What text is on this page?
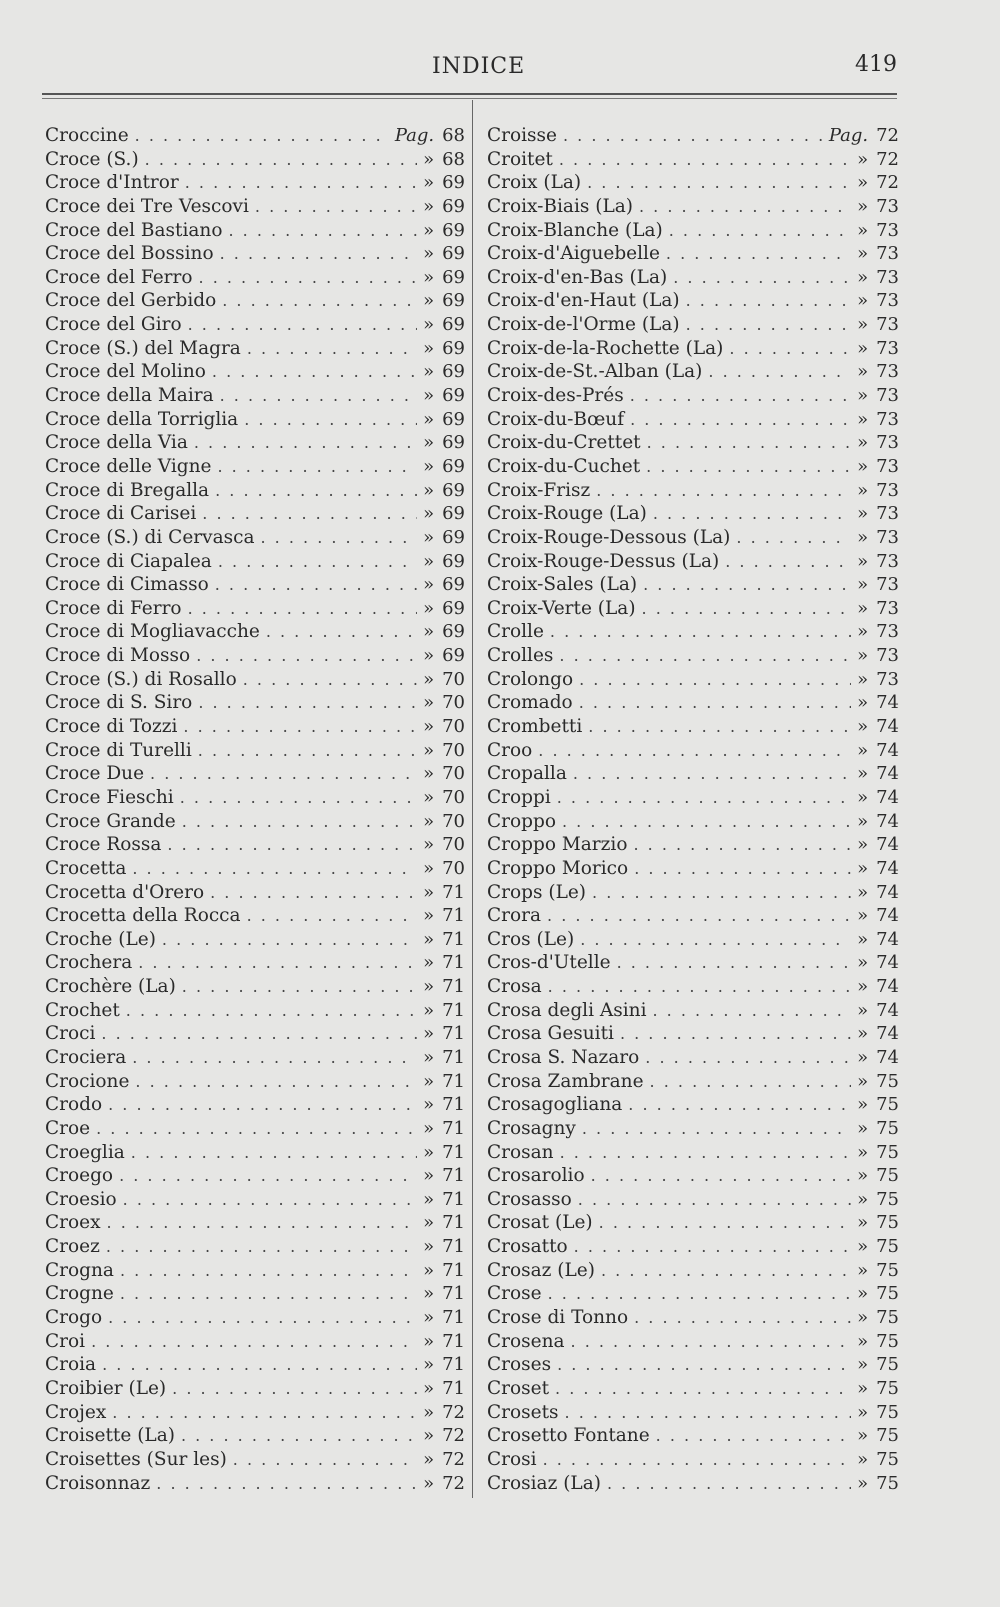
INDICE	419
Croccine . . .	Pag. 68
Croce (S.) . . .	» 68
Croce d'Intror . . .	» 69
Croce dei Tre Vescovi . . .	» 69
Croce del Bastiano . . .	» 69
Croce del Bossino . . .	» 69
Croce del Ferro . . .	» 69
Croce del Gerbido . . .	» 69
Croce del Giro . . .	» 69
Croce (S.) del Magra . . .	» 69
Croce del Molino . . .	» 69
Croce della Maira . . .	» 69
Croce della Torriglia . . .	» 69
Croce della Via . . .	» 69
Croce delle Vigne . . .	» 69
Croce di Bregalla . . .	» 69
Croce di Carisei . . .	» 69
Croce (S.) di Cervasca . . .	» 69
Croce di Ciapalea . . .	» 69
Croce di Cimasso . . .	» 69
Croce di Ferro . . .	» 69
Croce di Mogliavacche . . .	» 69
Croce di Mosso . . .	» 69
Croce (S.) di Rosallo . . .	» 70
Croce di S. Siro . . .	» 70
Croce di Tozzi . . .	» 70
Croce di Turelli . . .	» 70
Croce Due . . .	» 70
Croce Fieschi . . .	» 70
Croce Grande . . .	» 70
Croce Rossa . . .	» 70
Crocetta . . .	» 70
Crocetta d'Orero . . .	» 71
Crocetta della Rocca . . .	» 71
Croche (Le) . . .	» 71
Crochera . . .	» 71
Crochère (La) . . .	» 71
Crochet . . .	» 71
Croci . . .	» 71
Crociera . . .	» 71
Crocione . . .	» 71
Crodo . . .	» 71
Croe . . .	» 71
Croeglia . . .	» 71
Croego . . .	» 71
Croesio . . .	» 71
Croex . . .	» 71
Croez . . .	» 71
Crogna . . .	» 71
Crogne . . .	» 71
Crogo . . .	» 71
Croi . . .	» 71
Croia . . .	» 71
Croibier (Le) . . .	» 71
Crojex . . .	» 72
Croisette (La) . . .	» 72
Croisettes (Sur les) . . .	» 72
Croisonnaz . . .	» 72
Croisse . . .	Pag. 72
Croitet . . .	» 72
Croix (La) . . .	» 72
Croix-Biais (La) . . .	» 73
Croix-Blanche (La) . . .	» 73
Croix-d'Aiguebelle . . .	» 73
Croix-d'en-Bas (La) . . .	» 73
Croix-d'en-Haut (La) . . .	» 73
Croix-de-l'Orme (La) . . .	» 73
Croix-de-la-Rochette (La) . . .	» 73
Croix-de-St.-Alban (La) . . .	» 73
Croix-des-Prés . . .	» 73
Croix-du-Bœuf . . .	» 73
Croix-du-Crettet . . .	» 73
Croix-du-Cuchet . . .	» 73
Croix-Frisz . . .	» 73
Croix-Rouge (La) . . .	» 73
Croix-Rouge-Dessous (La) . . .	» 73
Croix-Rouge-Dessus (La) . . .	» 73
Croix-Sales (La) . . .	» 73
Croix-Verte (La) . . .	» 73
Crolle . . .	» 73
Crolles . . .	» 73
Crolongo . . .	» 73
Cromado . . .	» 74
Crombetti . . .	» 74
Croo . . .	» 74
Cropalla . . .	» 74
Croppi . . .	» 74
Croppo . . .	» 74
Croppo Marzio . . .	» 74
Croppo Morico . . .	» 74
Crops (Le) . . .	» 74
Crora . . .	» 74
Cros (Le) . . .	» 74
Cros-d'Utelle . . .	» 74
Crosa . . .	» 74
Crosa degli Asini . . .	» 74
Crosa Gesuiti . . .	» 74
Crosa S. Nazaro . . .	» 74
Crosa Zambrane . . .	» 75
Crosagogliana . . .	» 75
Crosagny . . .	» 75
Crosan . . .	» 75
Crosarolio . . .	» 75
Crosasso . . .	» 75
Crosat (Le) . . .	» 75
Crosatto . . .	» 75
Crosaz (Le) . . .	» 75
Crose . . .	» 75
Crose di Tonno . . .	» 75
Crosena . . .	» 75
Croses . . .	» 75
Croset . . .	» 75
Crosets . . .	» 75
Crosetto Fontane . . .	» 75
Crosi . . .	» 75
Crosiaz (La) . . .	» 75
